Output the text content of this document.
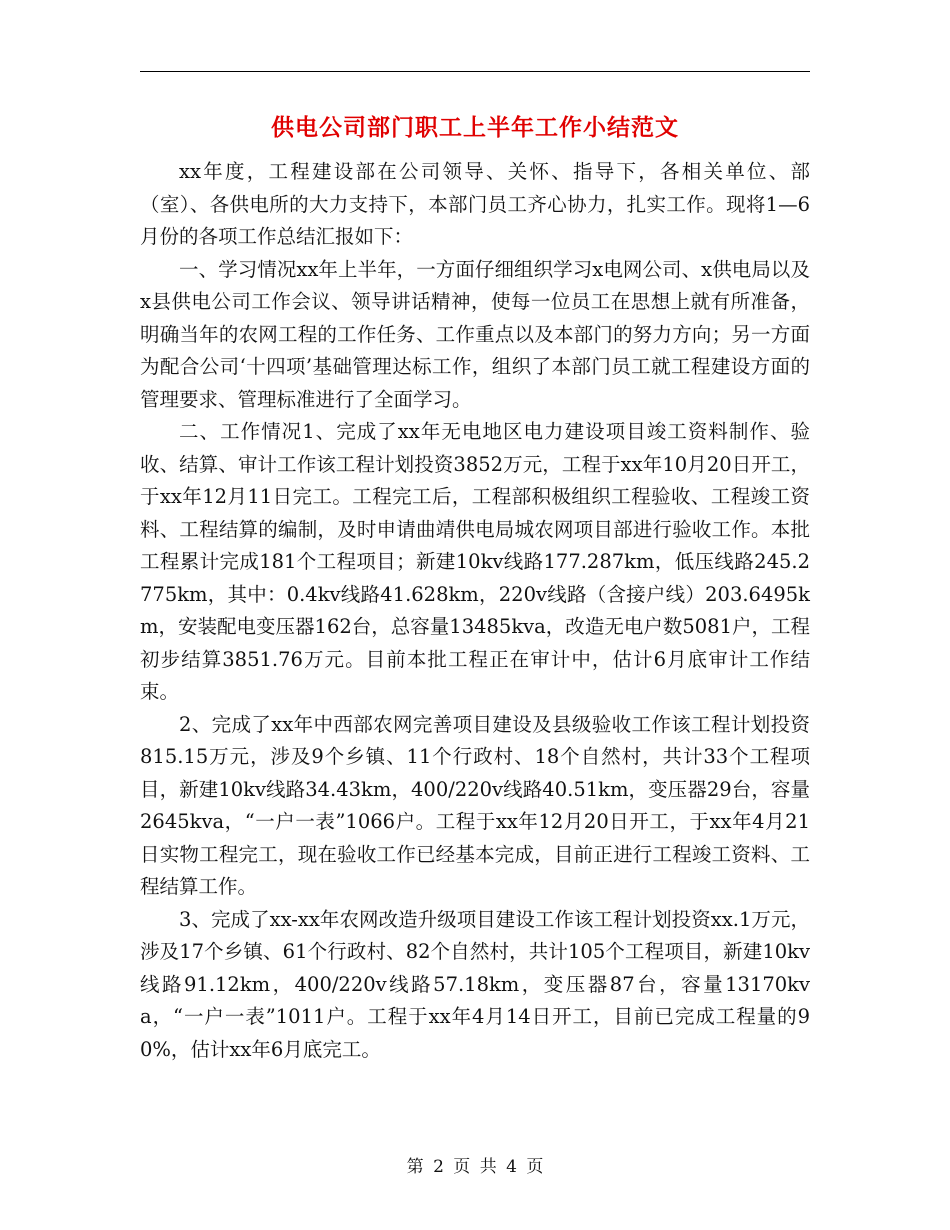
供电公司部门职工上半年工作小结范文

xx年度，工程建设部在公司领导、关怀、指导下，各相关单位、部（室）、各供电所的大力支持下，本部门员工齐心协力，扎实工作。现将1—6月份的各项工作总结汇报如下：

一、学习情况xx年上半年，一方面仔细组织学习x电网公司、x供电局以及x县供电公司工作会议、领导讲话精神，使每一位员工在思想上就有所准备，明确当年的农网工程的工作任务、工作重点以及本部门的努力方向；另一方面为配合公司‘十四项’基础管理达标工作，组织了本部门员工就工程建设方面的管理要求、管理标准进行了全面学习。

二、工作情况1、完成了xx年无电地区电力建设项目竣工资料制作、验收、结算、审计工作该工程计划投资3852万元，工程于xx年10月20日开工，于xx年12月11日完工。工程完工后，工程部积极组织工程验收、工程竣工资料、工程结算的编制，及时申请曲靖供电局城农网项目部进行验收工作。本批工程累计完成181个工程项目；新建10kv线路177.287km，低压线路245.2775km，其中：0.4kv线路41.628km，220v线路（含接户线）203.6495km，安装配电变压器162台，总容量13485kva，改造无电户数5081户，工程初步结算3851.76万元。目前本批工程正在审计中，估计6月底审计工作结束。

2、完成了xx年中西部农网完善项目建设及县级验收工作该工程计划投资815.15万元，涉及9个乡镇、11个行政村、18个自然村，共计33个工程项目，新建10kv线路34.43km，400/220v线路40.51km，变压器29台，容量2645kva，“一户一表”1066户。工程于xx年12月20日开工，于xx年4月21日实物工程完工，现在验收工作已经基本完成，目前正进行工程竣工资料、工程结算工作。

3、完成了xx-xx年农网改造升级项目建设工作该工程计划投资xx.1万元，涉及17个乡镇、61个行政村、82个自然村，共计105个工程项目，新建10kv线路91.12km，400/220v线路57.18km，变压器87台，容量13170kva，“一户一表”1011户。工程于xx年4月14日开工，目前已完成工程量的90%，估计xx年6月底完工。

第 2 页 共 4 页
